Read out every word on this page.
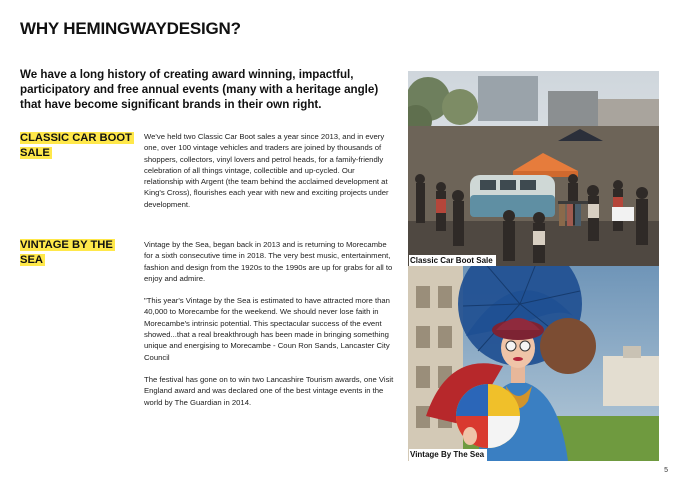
WHY HEMINGWAYDESIGN?

We have a long history of creating award winning, impactful, participatory and free annual events (many with a heritage angle) that have become significant brands in their own right.

CLASSIC CAR BOOT SALE

We've held two Classic Car Boot sales a year since 2013, and in every one, over 100 vintage vehicles and traders are joined by thousands of shoppers, collectors, vinyl lovers and petrol heads, for a family-friendly celebration of all things vintage, collectible and up-cycled. Our relationship with Argent (the team behind the acclaimed development at King's Cross), flourishes each year with new and exciting projects under development.

VINTAGE BY THE SEA

Vintage by the Sea, began back in 2013 and is returning to Morecambe for a sixth consecutive time in 2018. The very best music, entertainment, fashion and design from the 1920s to the 1990s are up for grabs for all to enjoy and admire.

"This year's Vintage by the Sea is estimated to have attracted more than 40,000 to Morecambe for the weekend. We should never lose faith in Morecambe's intrinsic potential. This spectacular success of the event showed...that a real breakthrough has been made in bringing something unique and energising to Morecambe - Coun Ron Sands, Lancaster City Council

The festival has gone on to win two Lancashire Tourism awards, one Visit England award and was declared one of the best vintage events in the world by The Guardian in 2014.

Classic Car Boot Sale
Vintage By The Sea
5
